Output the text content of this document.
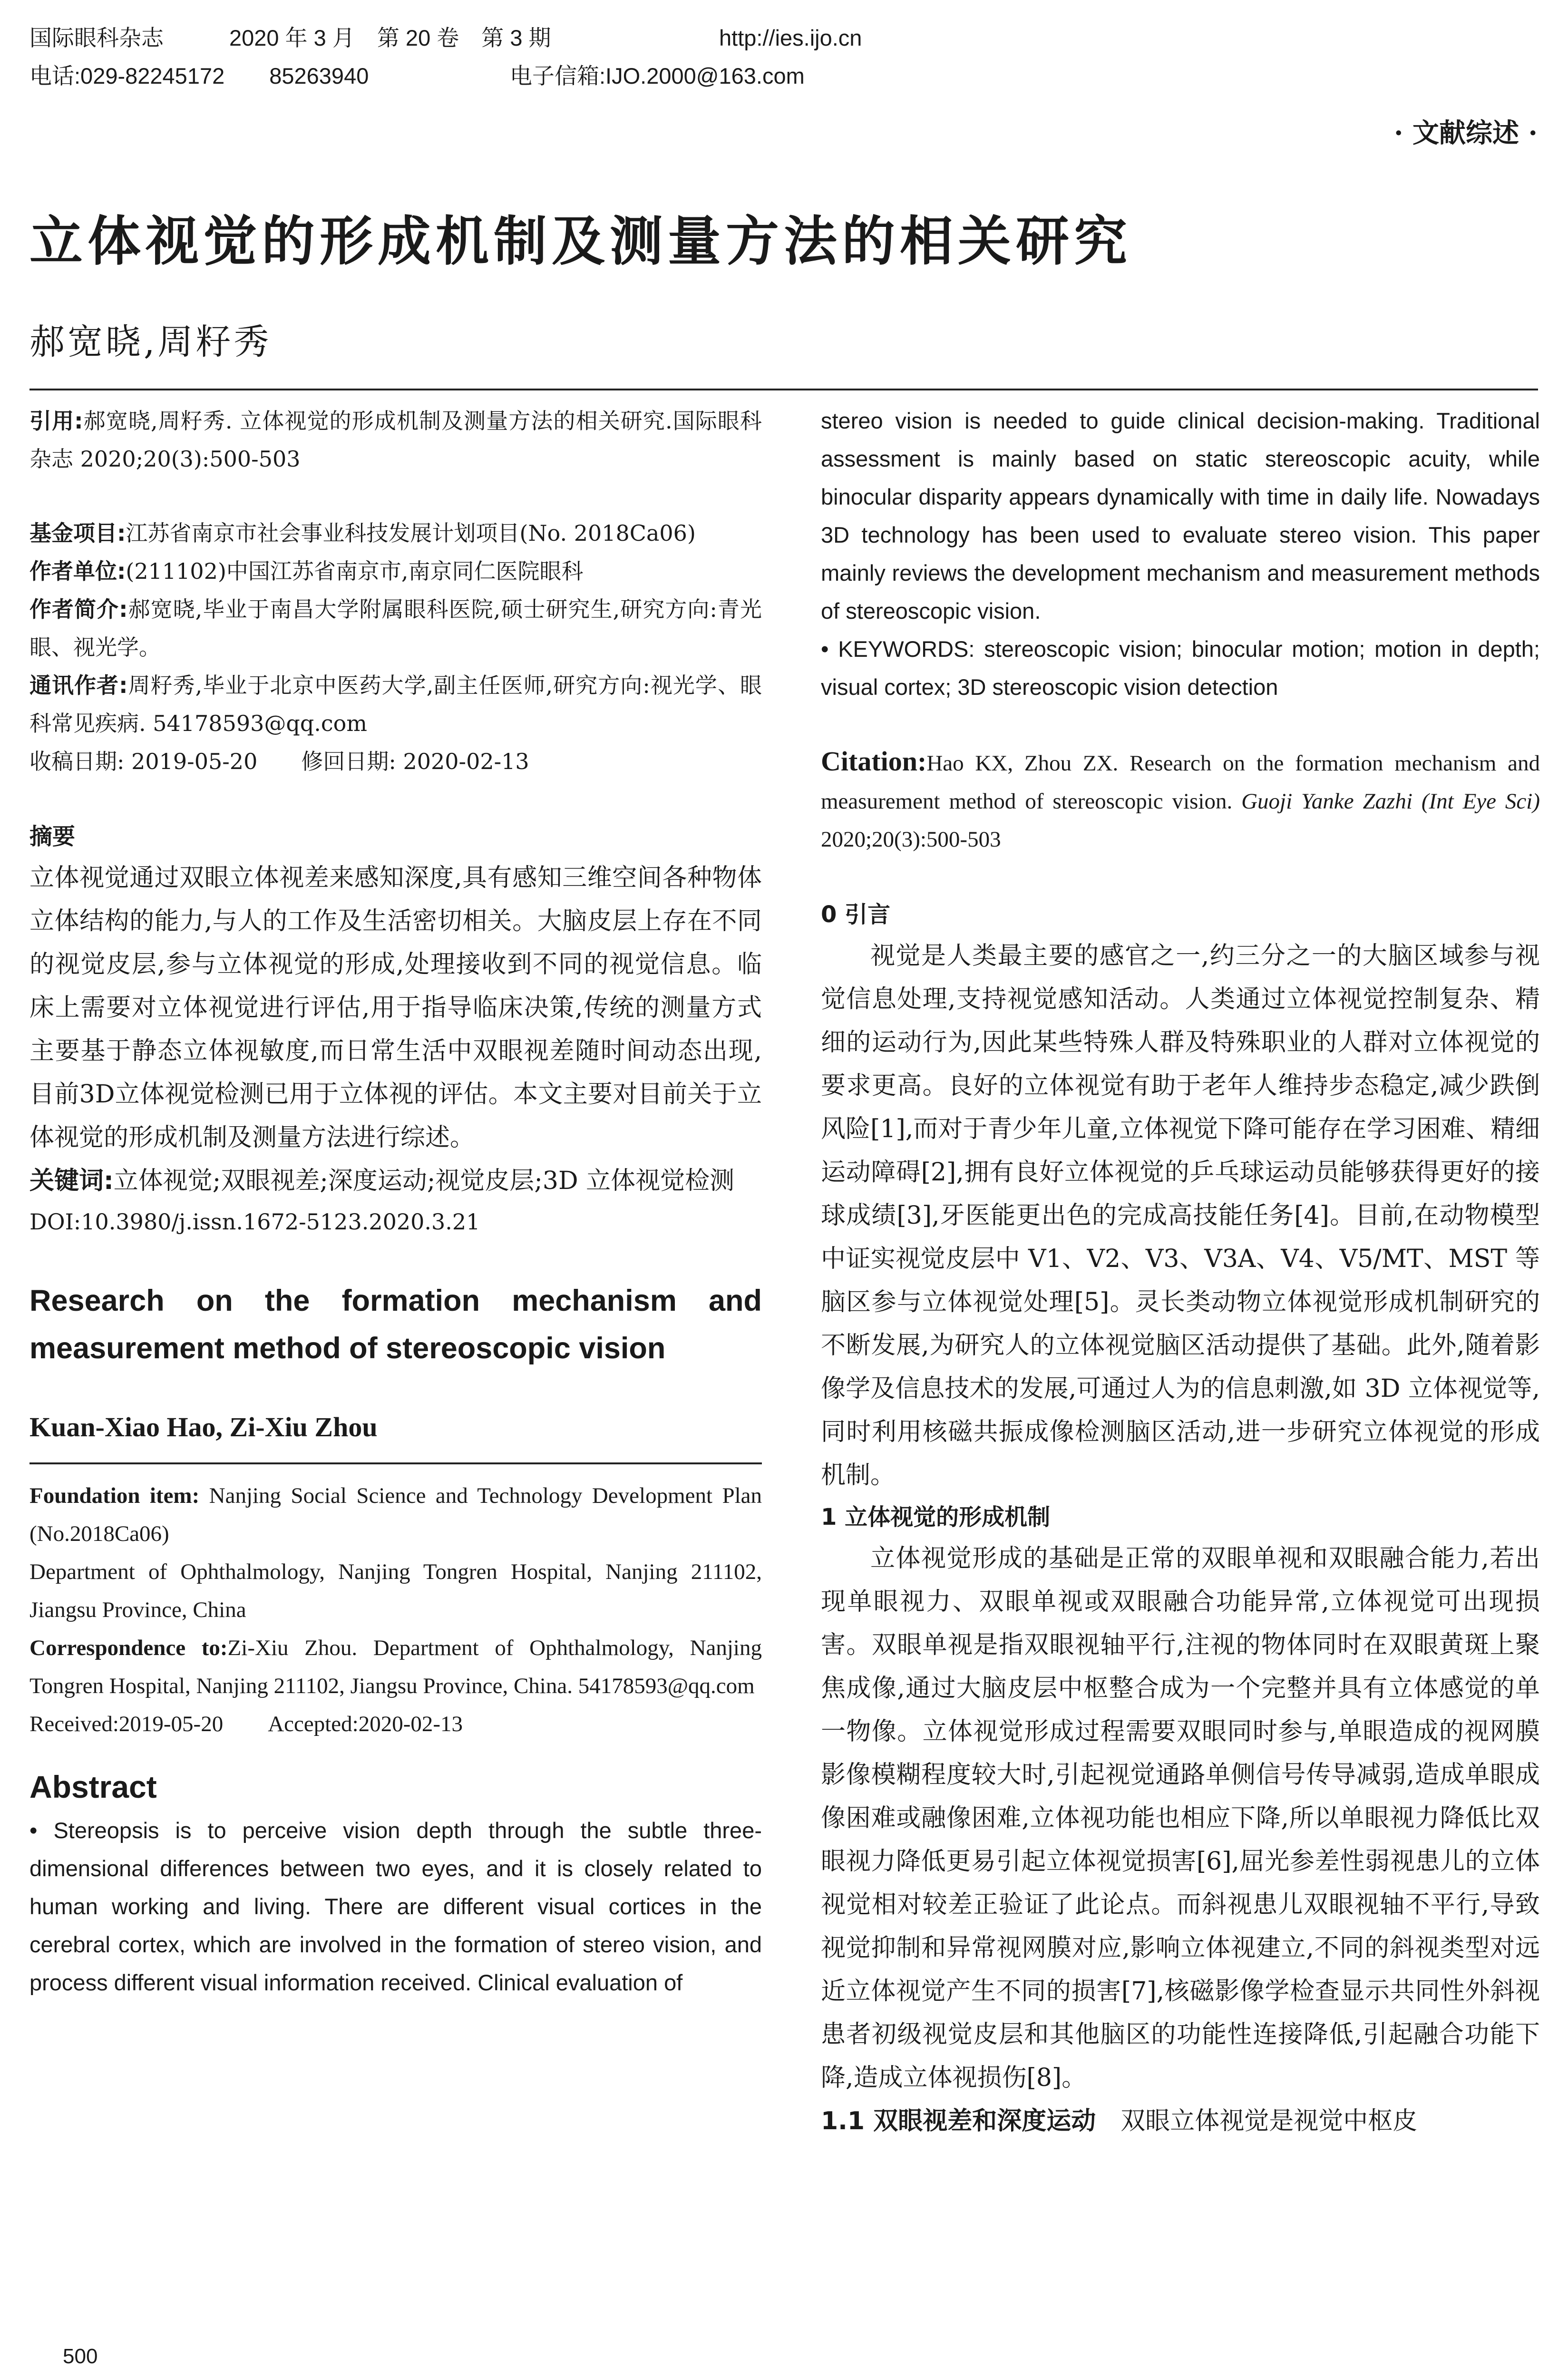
国际眼科杂志	2020 年 3 月　第 20 卷　第 3 期	http://ies.ijo.cn
电话:029-82245172　　85263940	电子信箱:IJO.2000@163.com
· 文献综述 ·
立体视觉的形成机制及测量方法的相关研究
郝宽晓,周籽秀

引用:郝宽晓,周籽秀. 立体视觉的形成机制及测量方法的相关研究.国际眼科杂志 2020;20(3):500-503

基金项目:江苏省南京市社会事业科技发展计划项目(No. 2018Ca06)

作者单位:(211102)中国江苏省南京市,南京同仁医院眼科

作者简介:郝宽晓,毕业于南昌大学附属眼科医院,硕士研究生,研究方向:青光眼、视光学。

通讯作者:周籽秀,毕业于北京中医药大学,副主任医师,研究方向:视光学、眼科常见疾病. 54178593@qq.com

收稿日期: 2019-05-20　　修回日期: 2020-02-13

摘要

立体视觉通过双眼立体视差来感知深度,具有感知三维空间各种物体立体结构的能力,与人的工作及生活密切相关。大脑皮层上存在不同的视觉皮层,参与立体视觉的形成,处理接收到不同的视觉信息。临床上需要对立体视觉进行评估,用于指导临床决策,传统的测量方式主要基于静态立体视敏度,而日常生活中双眼视差随时间动态出现,目前3D立体视觉检测已用于立体视的评估。本文主要对目前关于立体视觉的形成机制及测量方法进行综述。

关键词:立体视觉;双眼视差;深度运动;视觉皮层;3D 立体视觉检测

DOI:10.3980/j.issn.1672-5123.2020.3.21

Research on the formation mechanism and measurement method of stereoscopic vision

Kuan-Xiao Hao, Zi-Xiu Zhou

Foundation item: Nanjing Social Science and Technology Development Plan (No.2018Ca06)

Department of Ophthalmology, Nanjing Tongren Hospital, Nanjing 211102, Jiangsu Province, China

Correspondence to:Zi-Xiu Zhou. Department of Ophthalmology, Nanjing Tongren Hospital, Nanjing 211102, Jiangsu Province, China. 54178593@qq.com

Received:2019-05-20　　Accepted:2020-02-13

Abstract

• Stereopsis is to perceive vision depth through the subtle three-dimensional differences between two eyes, and it is closely related to human working and living. There are different visual cortices in the cerebral cortex, which are involved in the formation of stereo vision, and process different visual information received. Clinical evaluation of

stereo vision is needed to guide clinical decision-making. Traditional assessment is mainly based on static stereoscopic acuity, while binocular disparity appears dynamically with time in daily life. Nowadays 3D technology has been used to evaluate stereo vision. This paper mainly reviews the development mechanism and measurement methods of stereoscopic vision.

• KEYWORDS: stereoscopic vision; binocular motion; motion in depth; visual cortex; 3D stereoscopic vision detection

Citation:Hao KX, Zhou ZX. Research on the formation mechanism and measurement method of stereoscopic vision. Guoji Yanke Zazhi (Int Eye Sci) 2020;20(3):500-503

0 引言

视觉是人类最主要的感官之一,约三分之一的大脑区域参与视觉信息处理,支持视觉感知活动。人类通过立体视觉控制复杂、精细的运动行为,因此某些特殊人群及特殊职业的人群对立体视觉的要求更高。良好的立体视觉有助于老年人维持步态稳定,减少跌倒风险[1],而对于青少年儿童,立体视觉下降可能存在学习困难、精细运动障碍[2],拥有良好立体视觉的乒乓球运动员能够获得更好的接球成绩[3],牙医能更出色的完成高技能任务[4]。目前,在动物模型中证实视觉皮层中 V1、V2、V3、V3A、V4、V5/MT、MST 等脑区参与立体视觉处理[5]。灵长类动物立体视觉形成机制研究的不断发展,为研究人的立体视觉脑区活动提供了基础。此外,随着影像学及信息技术的发展,可通过人为的信息刺激,如 3D 立体视觉等,同时利用核磁共振成像检测脑区活动,进一步研究立体视觉的形成机制。

1 立体视觉的形成机制

立体视觉形成的基础是正常的双眼单视和双眼融合能力,若出现单眼视力、双眼单视或双眼融合功能异常,立体视觉可出现损害。双眼单视是指双眼视轴平行,注视的物体同时在双眼黄斑上聚焦成像,通过大脑皮层中枢整合成为一个完整并具有立体感觉的单一物像。立体视觉形成过程需要双眼同时参与,单眼造成的视网膜影像模糊程度较大时,引起视觉通路单侧信号传导减弱,造成单眼成像困难或融像困难,立体视功能也相应下降,所以单眼视力降低比双眼视力降低更易引起立体视觉损害[6],屈光参差性弱视患儿的立体视觉相对较差正验证了此论点。而斜视患儿双眼视轴不平行,导致视觉抑制和异常视网膜对应,影响立体视建立,不同的斜视类型对远近立体视觉产生不同的损害[7],核磁影像学检查显示共同性外斜视患者初级视觉皮层和其他脑区的功能性连接降低,引起融合功能下降,造成立体视损伤[8]。

1.1 双眼视差和深度运动　 双眼立体视觉是视觉中枢皮

500
